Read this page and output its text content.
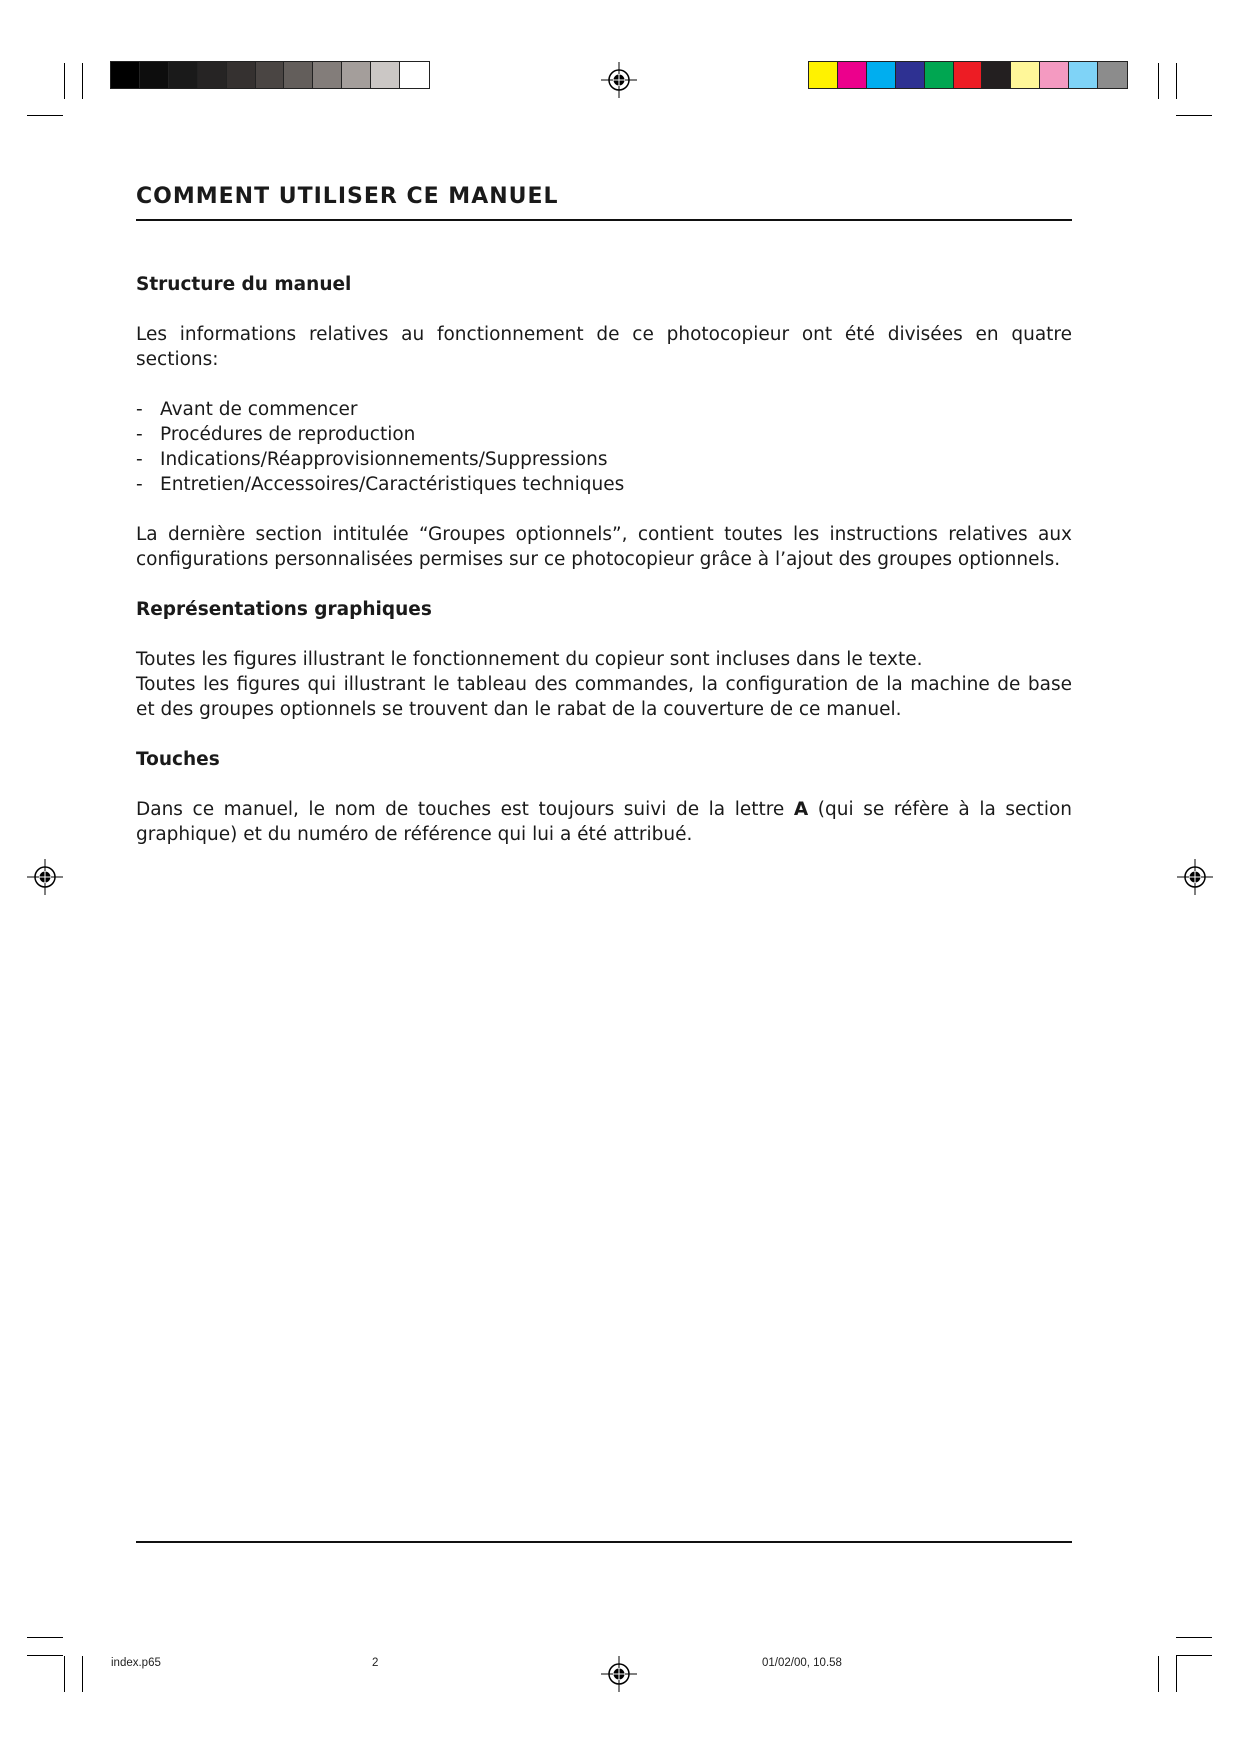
COMMENT UTILISER CE MANUEL
Structure du manuel

Les informations relatives au fonctionnement de ce photocopieur ont été divisées en quatre sections:

- Avant de commencer
- Procédures de reproduction
- Indications/Réapprovisionnements/Suppressions
- Entretien/Accessoires/Caractéristiques techniques

La dernière section intitulée “Groupes optionnels”, contient toutes les instructions relatives aux configurations personnalisées permises sur ce photocopieur grâce à l’ajout des groupes optionnels.

Représentations graphiques

Toutes les figures illustrant le fonctionnement du copieur sont incluses dans le texte.

Toutes les figures qui illustrant le tableau des commandes, la configuration de la machine de base et des groupes optionnels se trouvent dan le rabat de la couverture de ce manuel.

Touches

Dans ce manuel, le nom de touches est toujours suivi de la lettre A (qui se réfère à la section graphique) et du numéro de référence qui lui a été attribué.

index.p65	2	01/02/00, 10.58
